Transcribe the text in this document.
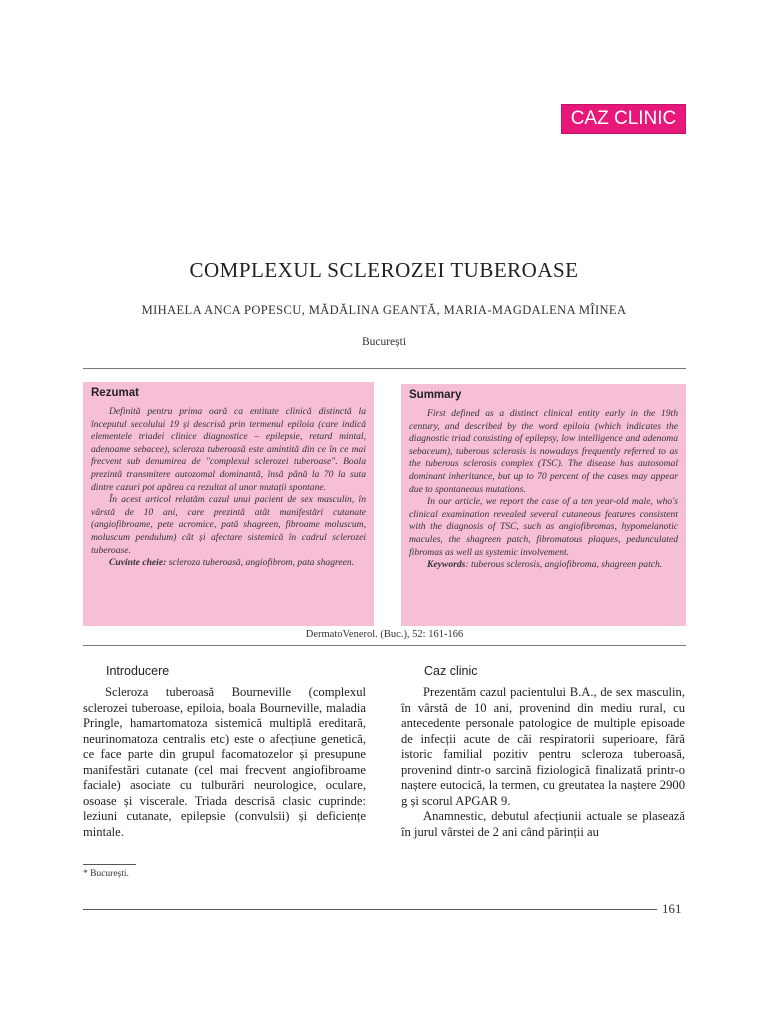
CAZ CLINIC
COMPLEXUL SCLEROZEI TUBEROASE
MIHAELA ANCA POPESCU, MĂDĂLINA GEANTĂ, MARIA-MAGDALENA MÎINEA
București
Rezumat

Definită pentru prima oară ca entitate clinică distinctă la începutul secolului 19 și descrisă prin termenul epiloia (care indică elementele triadei clinice diagnostice – epilepsie, retard mintal, adenoame sebacee), scleroza tuberoasă este amintită din ce în ce mai frecvent sub denumirea de "complexul sclerozei tuberoase". Boala prezintă transmitere autozomal dominantă, însă până la 70 la suta dintre cazuri pot apărea ca rezultat al unor mutații spontane.

În acest articol relatăm cazul unui pacient de sex masculin, în vârstă de 10 ani, care prezintă atât manifestări cutanate (angiofibroame, pete acromice, pată shagreen, fibroame moluscum, moluscum pendulum) cât și afectare sistemică în cadrul sclerozei tuberoase.

Cuvinte cheie: scleroza tuberoasă, angiofibrom, pata shagreen.

Summary

First defined as a distinct clinical entity early in the 19th century, and described by the word epiloia (which indicates the diagnostic triad consisting of epilepsy, low intelligence and adenoma sebaceum), tuberous sclerosis is nowadays frequently referred to as the tuberous sclerosis complex (TSC). The disease has autosomal dominant inheritance, but up to 70 percent of the cases may appear due to spontaneous mutations.

In our article, we report the case of a ten year-old male, who's clinical examination revealed several cutaneous features consistent with the diagnosis of TSC, such as angiofibromas, hypomelanotic macules, the shagreen patch, fibromatous plaques, pedunculated fibromas as well as systemic involvement.

Keywords: tuberous sclerosis, angiofibroma, shagreen patch.

DermatoVenerol. (Buc.), 52: 161-166
Introducere

Scleroza tuberoasă Bourneville (complexul sclerozei tuberoase, epiloia, boala Bourneville, maladia Pringle, hamartomatoza sistemică multiplă ereditară, neurinomatoza centralis etc) este o afecțiune genetică, ce face parte din grupul facomatozelor și presupune manifestări cutanate (cel mai frecvent angiofibroame faciale) asociate cu tulburări neurologice, oculare, osoase și viscerale. Triada descrisă clasic cuprinde: leziuni cutanate, epilepsie (convulsii) și deficiențe mintale.

Caz clinic

Prezentăm cazul pacientului B.A., de sex masculin, în vârstă de 10 ani, provenind din mediu rural, cu antecedente personale patologice de multiple episoade de infecții acute de căi respiratorii superioare, fără istoric familial pozitiv pentru scleroza tuberoasă, provenind dintr-o sarcină fiziologică finalizată printr-o naștere eutocică, la termen, cu greutatea la naștere 2900 g și scorul APGAR 9.

Anamnestic, debutul afecțiunii actuale se plasează în jurul vârstei de 2 ani când părinții au

* București.
161
